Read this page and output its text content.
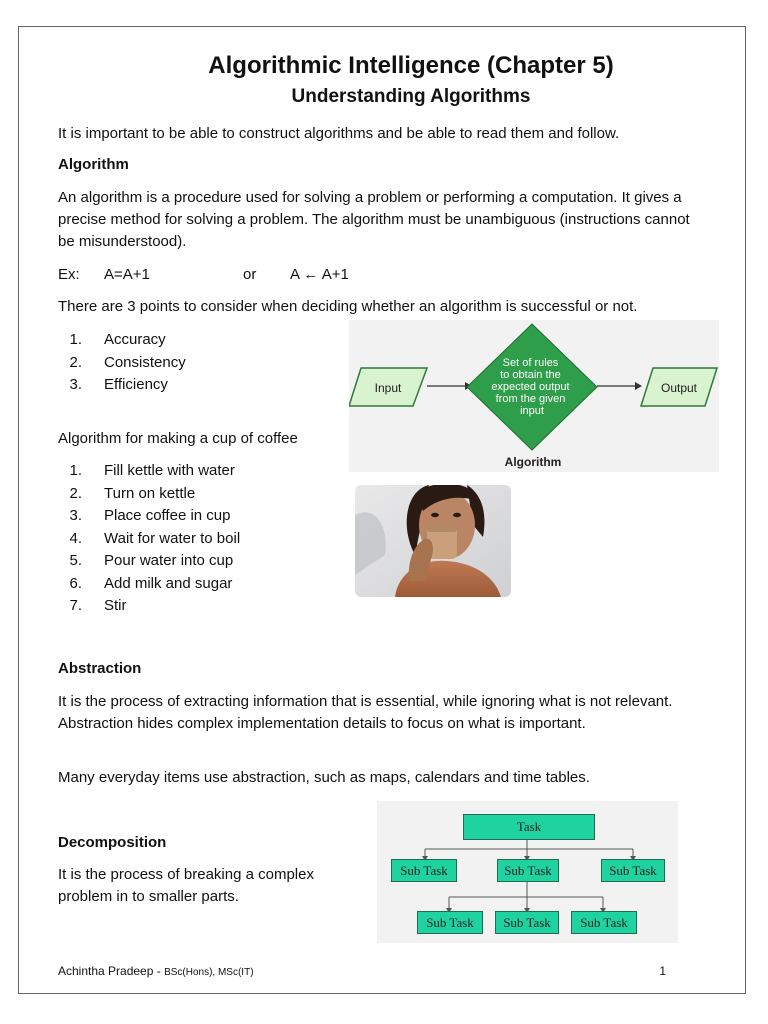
Algorithmic Intelligence (Chapter 5)
Understanding Algorithms
It is important to be able to construct algorithms and be able to read them and follow.
Algorithm
An algorithm is a procedure used for solving a problem or performing a computation. It gives a precise method for solving a problem. The algorithm must be unambiguous (instructions cannot be misunderstood).
Ex: A=A+1	or A ← A+1
There are 3 points to consider when deciding whether an algorithm is successful or not.
1. Accuracy
2. Consistency
3. Efficiency	Input
Set of rules to obtain the expected output from the given input
Output
Algorithm
Algorithm for making a cup of coffee
1. Fill kettle with water
2. Turn on kettle
3. Place coffee in cup
4. Wait for water to boil
5. Pour water into cup
6. Add milk and sugar
7. Stir
Abstraction
It is the process of extracting information that is essential, while ignoring what is not relevant. Abstraction hides complex implementation details to focus on what is important.
Many everyday items use abstraction, such as maps, calendars and time tables.
Decomposition
It is the process of breaking a complex problem in to smaller parts.
Task
Sub Task	Sub Task	Sub Task
Sub Task	Sub Task	Sub Task
Achintha Pradeep - BSc(Hons), MSc(IT)	1
